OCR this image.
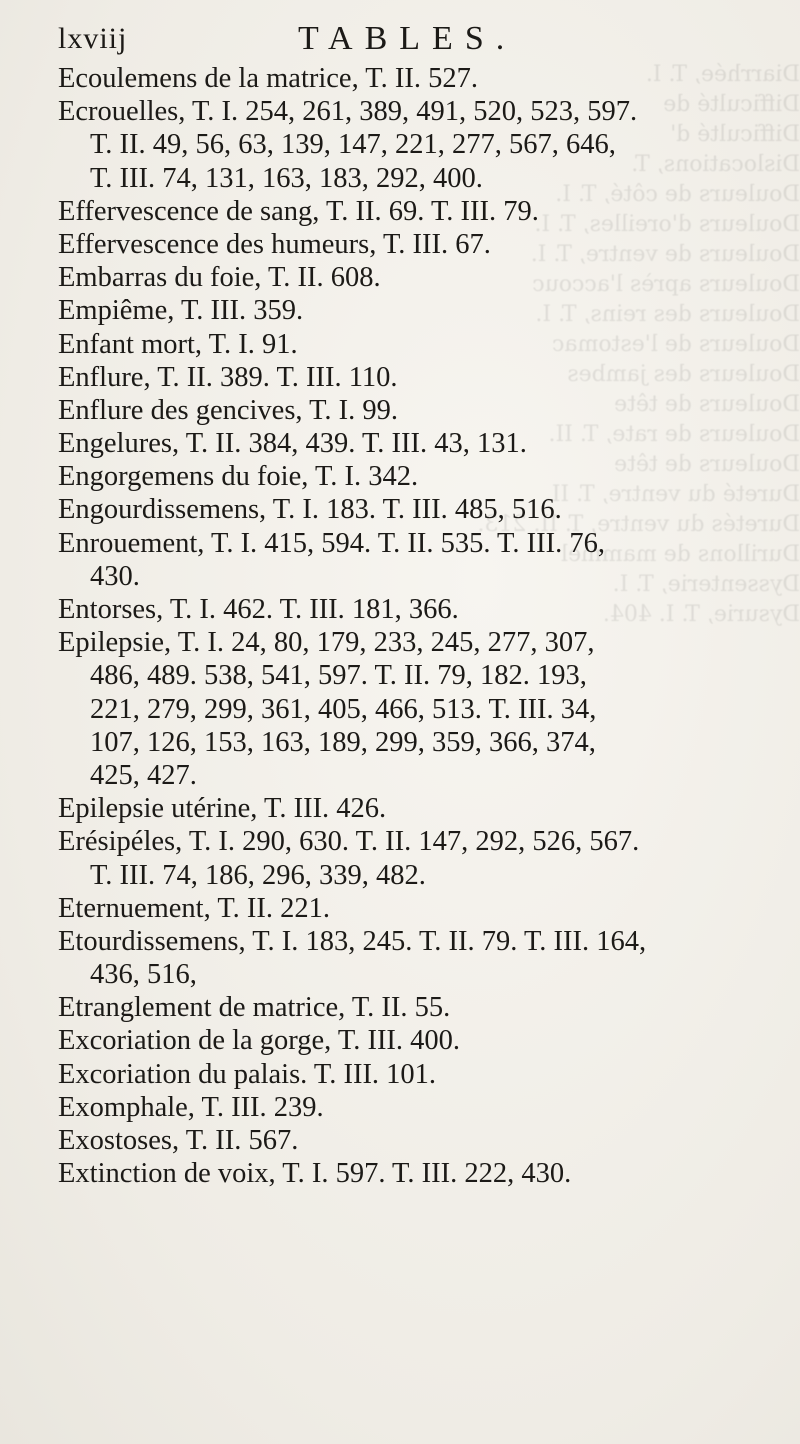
Diarrhée, T. I.
Difficulté de
Difficulté d'
Dislocations, T.
Douleurs de côté, T. I.
Douleurs d'oreilles, T. I.
Douleurs de ventre, T. I.
Douleurs après l'accouc
Douleurs des reins, T. I.
Douleurs de l'estomac
Douleurs des jambes
Douleurs de tête
Douleurs de rate, T. II.
Douleurs de tête
Dureté du ventre, T. II.
Duretés du ventre, T. II. 213.
Durillons de mammel
Dyssenterie, T. I.
Dysurie, T. I. 404.
lxviij	TABLES.
Ecoulemens de la matrice, T. II. 527.
Ecrouelles, T. I. 254, 261, 389, 491, 520, 523, 597.
T. II. 49, 56, 63, 139, 147, 221, 277, 567, 646,
T. III. 74, 131, 163, 183, 292, 400.
Effervescence de sang, T. II. 69. T. III. 79.
Effervescence des humeurs, T. III. 67.
Embarras du foie, T. II. 608.
Empiême, T. III. 359.
Enfant mort, T. I. 91.
Enflure, T. II. 389. T. III. 110.
Enflure des gencives, T. I. 99.
Engelures, T. II. 384, 439. T. III. 43, 131.
Engorgemens du foie, T. I. 342.
Engourdissemens, T. I. 183. T. III. 485, 516.
Enrouement, T. I. 415, 594. T. II. 535. T. III. 76,
430.
Entorses, T. I. 462. T. III. 181, 366.
Epilepsie, T. I. 24, 80, 179, 233, 245, 277, 307,
486, 489. 538, 541, 597. T. II. 79, 182. 193,
221, 279, 299, 361, 405, 466, 513. T. III. 34,
107, 126, 153, 163, 189, 299, 359, 366, 374,
425, 427.
Epilepsie utérine, T. III. 426.
Erésipéles, T. I. 290, 630. T. II. 147, 292, 526, 567.
T. III. 74, 186, 296, 339, 482.
Eternuement, T. II. 221.
Etourdissemens, T. I. 183, 245. T. II. 79. T. III. 164,
436, 516,
Etranglement de matrice, T. II. 55.
Excoriation de la gorge, T. III. 400.
Excoriation du palais. T. III. 101.
Exomphale, T. III. 239.
Exostoses, T. II. 567.
Extinction de voix, T. I. 597. T. III. 222, 430.
